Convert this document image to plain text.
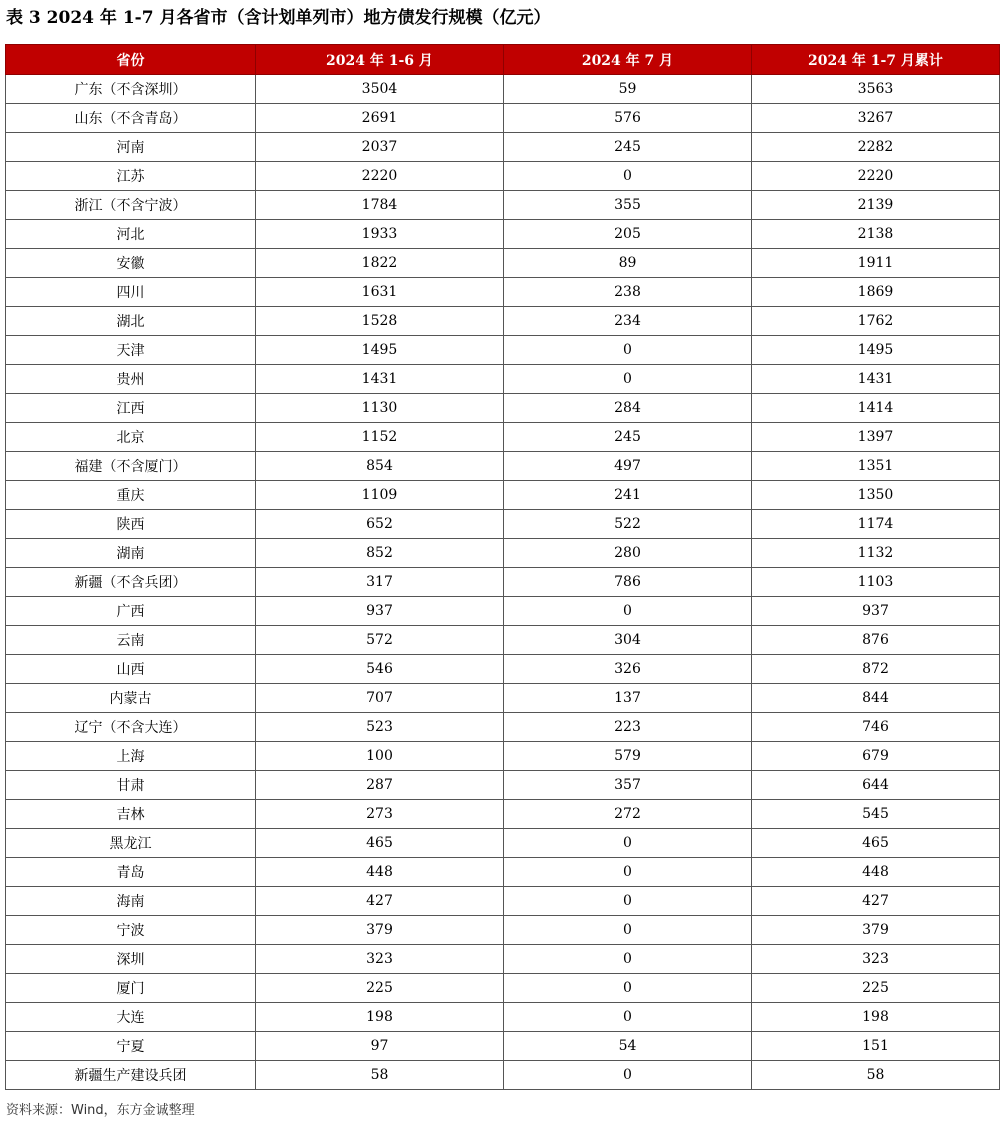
表 3 2024 年 1-7 月各省市（含计划单列市）地方债发行规模（亿元）
省份	2024 年 1-6 月	2024 年 7 月	2024 年 1-7 月累计
广东（不含深圳）	3504	59	3563
山东（不含青岛）	2691	576	3267
河南	2037	245	2282
江苏	2220	0	2220
浙江（不含宁波）	1784	355	2139
河北	1933	205	2138
安徽	1822	89	1911
四川	1631	238	1869
湖北	1528	234	1762
天津	1495	0	1495
贵州	1431	0	1431
江西	1130	284	1414
北京	1152	245	1397
福建（不含厦门）	854	497	1351
重庆	1109	241	1350
陕西	652	522	1174
湖南	852	280	1132
新疆（不含兵团）	317	786	1103
广西	937	0	937
云南	572	304	876
山西	546	326	872
内蒙古	707	137	844
辽宁（不含大连）	523	223	746
上海	100	579	679
甘肃	287	357	644
吉林	273	272	545
黑龙江	465	0	465
青岛	448	0	448
海南	427	0	427
宁波	379	0	379
深圳	323	0	323
厦门	225	0	225
大连	198	0	198
宁夏	97	54	151
新疆生产建设兵团	58	0	58
资料来源：Wind，东方金诚整理
